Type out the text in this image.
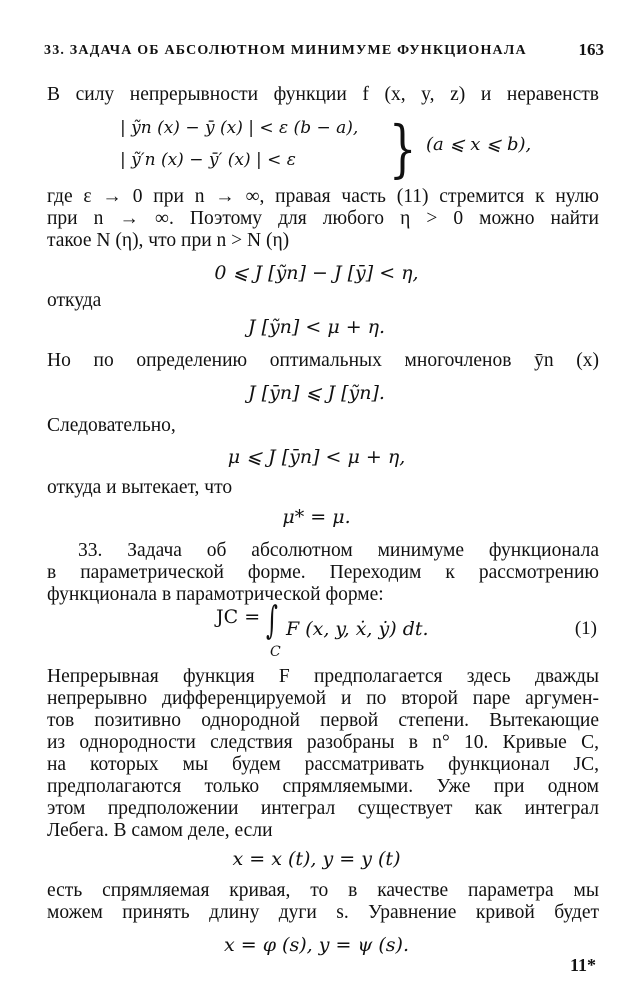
33. ЗАДАЧА ОБ АБСОЛЮТНОМ МИНИМУМЕ ФУНКЦИОНАЛА	163
В силу непрерывности функции f (x, y, z) и неравенств
| ỹn (x) − ȳ (x) | < ε (b − a),
| ỹ′n (x) − ȳ′ (x) | < ε } (a ⩽ x ⩽ b),
где ε → 0 при n → ∞, правая часть (11) стремится к нулю
при n → ∞. Поэтому для любого η > 0 можно найти
такое N (η), что при n > N (η)
0 ⩽ J [ỹn] − J [ȳ] < η,
откуда
J [ỹn] < μ + η.
Но по определению оптимальных многочленов ȳn (x)
J [ȳn] ⩽ J [ỹn].
Следовательно,
μ ⩽ J [ȳn] < μ + η,
откуда и вытекает, что
μ* = μ.
33. Задача об абсолютном минимуме функционала
в параметрической форме. Переходим к рассмотрению
функционала в парамотрической форме:
JC = ∫
C
F (x, y, ẋ, ẏ) dt.	(1)
Непрерывная функция F предполагается здесь дважды
непрерывно дифференцируемой и по второй паре аргумен-
тов позитивно однородной первой степени. Вытекающие
из однородности следствия разобраны в n° 10. Кривые C,
на которых мы будем рассматривать функционал JC,
предполагаются только спрямляемыми. Уже при одном
этом предположении интеграл существует как интеграл
Лебега. В самом деле, если
x = x (t), y = y (t)
есть спрямляемая кривая, то в качестве параметра мы
можем принять длину дуги s. Уравнение кривой будет
x = φ (s), y = ψ (s).
11*
